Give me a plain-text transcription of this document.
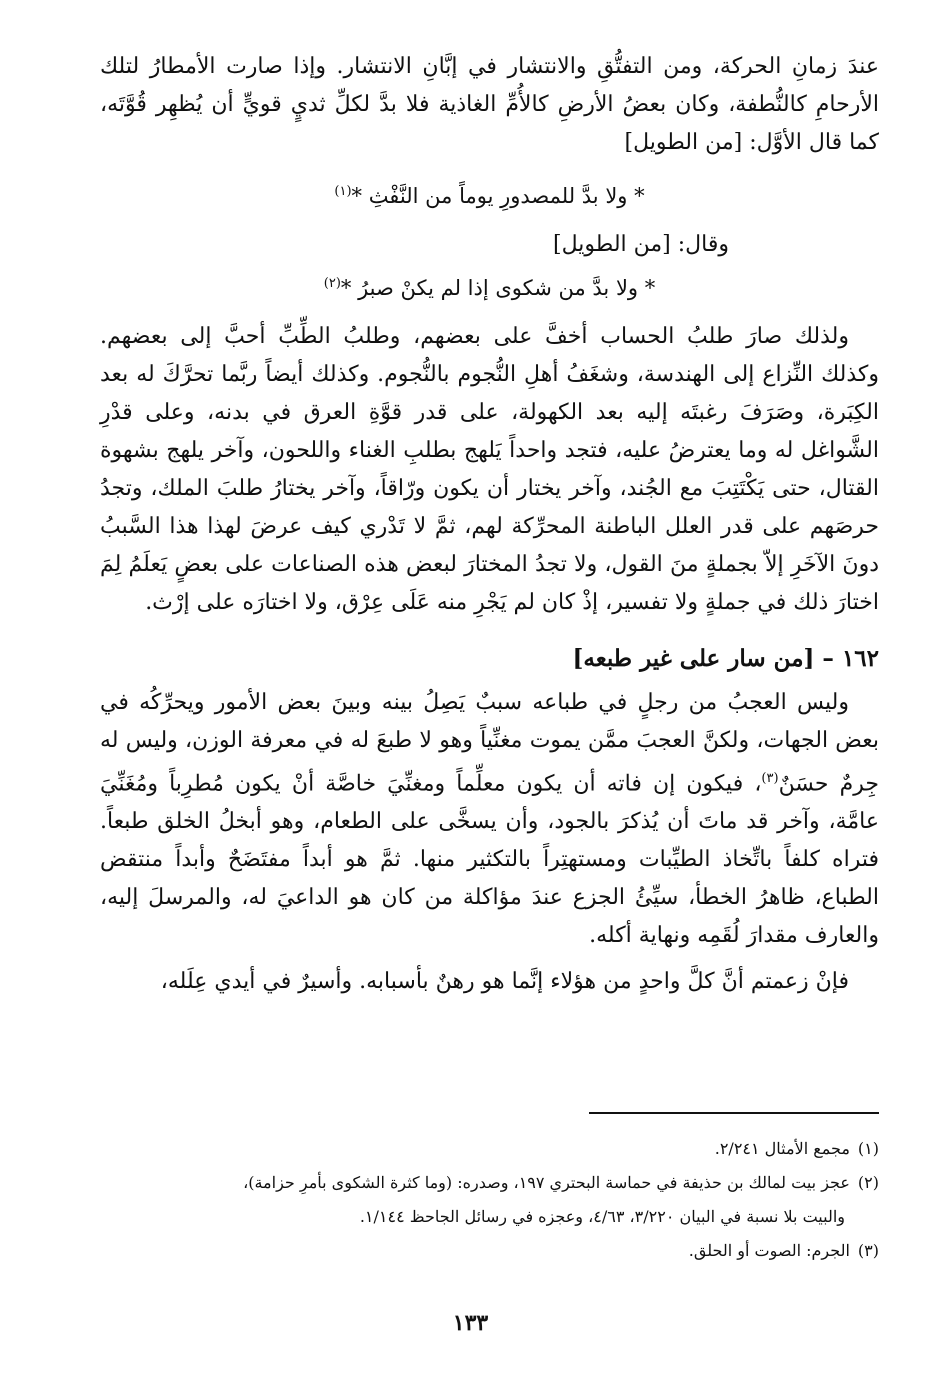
عندَ زمانِ الحركة، ومن التفتُّقِ والانتشار في إبَّانِ الانتشار. وإذا صارت الأمطارُ لتلك الأرحامِ كالنُّطفة، وكان بعضُ الأرضِ كالأُمِّ الغاذية فلا بدَّ لكلِّ ثديٍ قويٍّ أن يُظهِر قُوَّتَه، كما قال الأوَّل: [من الطويل]

* ولا بدَّ للمصدورِ يوماً من النَّفْثِ *$^{(١)}$

وقال: [من الطويل]

* ولا بدَّ من شكوى إذا لم يكنْ صبرُ *$^{(٢)}$

ولذلك صارَ طلبُ الحساب أخفَّ على بعضهم، وطلبُ الطِّبِّ أحبَّ إلى بعضهم. وكذلك النِّزاع إلى الهندسة، وشغَفُ أهلِ النُّجوم بالنُّجوم. وكذلك أيضاً ربَّما تحرَّكَ له بعد الكِبَرة، وصَرَفَ رغبتَه إليه بعد الكهولة، على قدر قوَّةِ العرق في بدنه، وعلى قدْرِ الشَّواغل له وما يعترضُ عليه، فتجد واحداً يَلهج بطلبِ الغناء واللحون، وآخر يلهج بشهوة القتال، حتى يَكْتَتِبَ مع الجُند، وآخر يختار أن يكون ورّاقاً، وآخر يختارُ طلبَ الملك، وتجدُ حرصَهم على قدر العلل الباطنة المحرِّكة لهم، ثمَّ لا تَدْري كيف عرضَ لهذا هذا السَّببُ دونَ الآخَرِ إلاّ بجملةٍ منَ القول، ولا تجدُ المختارَ لبعض هذه الصناعات على بعضٍ يَعلَمُ لِمَ اختارَ ذلك في جملةٍ ولا تفسير، إذْ كان لم يَجْرِ منه عَلَى عِرْق، ولا اختارَه على إرْث.

١٦٢ – [من سار على غير طبعه]

وليس العجبُ من رجلٍ في طباعه سببٌ يَصِلُ بينه وبينَ بعض الأمور ويحرِّكُه في بعض الجهات، ولكنَّ العجبَ ممَّن يموت مغنِّياً وهو لا طبعَ له في معرفة الوزن، وليس له جِرمٌ حسَنٌ$^{(٣)}$، فيكون إن فاته أن يكون معلِّماً ومغنِّيَ خاصَّة أنْ يكون مُطرِباً ومُغَنِّيَ عامَّة، وآخر قد ماتَ أن يُذكرَ بالجود، وأن يسخَّى على الطعام، وهو أبخلُ الخلق طبعاً. فتراه كلفاً باتِّخاذ الطيِّبات ومستهتِراً بالتكثير منها. ثمَّ هو أبداً مفتَضَحٌ وأبداً منتقض الطباع، ظاهرُ الخطأ، سيِّئُ الجزع عندَ مؤاكلة من كان هو الداعيَ له، والمرسلَ إليه، والعارف مقدارَ لُقَمِه ونهاية أكله.

فإنْ زعمتم أنَّ كلَّ واحدٍ من هؤلاء إنَّما هو رهنٌ بأسبابه. وأسيرٌ في أيدي عِلَله،

(١)مجمع الأمثال ٢/٢٤١.

(٢)عجز بيت لمالك بن حذيفة في حماسة البحتري ١٩٧، وصدره: (وما كثرة الشكوى بأمرِ حزامة)،

والبيت بلا نسبة في البيان ٣/٢٢٠، ٤/٦٣، وعجزه في رسائل الجاحظ ١/١٤٤.

(٣)الجرم: الصوت أو الحلق.

١٣٣
